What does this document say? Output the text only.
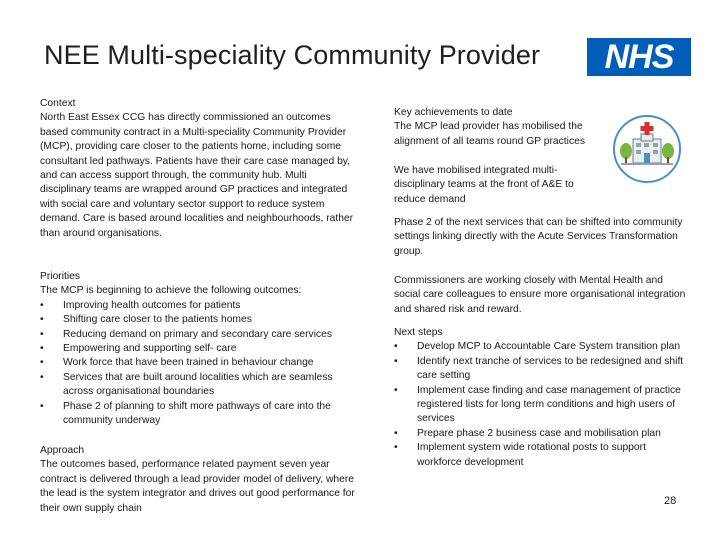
NEE Multi-speciality Community Provider	NHS
Context
North East Essex CCG has directly commissioned an outcomes based community contract in a Multi-speciality Community Provider (MCP), providing care closer to the patients home, including some consultant led pathways. Patients have their care case managed by, and can access support through, the community hub. Multi disciplinary teams are wrapped around GP practices and integrated with social care and voluntary sector support to reduce system demand. Care is based around localities and neighbourhoods, rather than around organisations.
Priorities
The MCP is beginning to achieve the following outcomes:
• Improving health outcomes for patients
• Shifting care closer to the patients homes
• Reducing demand on primary and secondary care services
• Empowering and supporting self- care
• Work force that have been trained in behaviour change
• Services that are built around localities which are seamless across organisational boundaries
• Phase 2 of planning to shift more pathways of care into the community underway
Approach
The outcomes based, performance related payment seven year contract is delivered through a lead provider model of delivery, where the lead is the system integrator and drives out good performance for their own supply chain
Key achievements to date
The MCP lead provider has mobilised the alignment of all teams round GP practices
We have mobilised integrated multi-disciplinary teams at the front of A&E to reduce demand
Phase 2 of the next services that can be shifted into community settings linking directly with the Acute Services Transformation group.
Commissioners are working closely with Mental Health and social care colleagues to ensure more organisational integration and shared risk and reward.
Next steps
• Develop MCP to Accountable Care System transition plan
• Identify next tranche of services to be redesigned and shift care setting
• Implement case finding and case management of practice registered lists for long term conditions and high users of services
• Prepare phase 2 business case and mobilisation plan
• Implement system wide rotational posts to support workforce development
28
